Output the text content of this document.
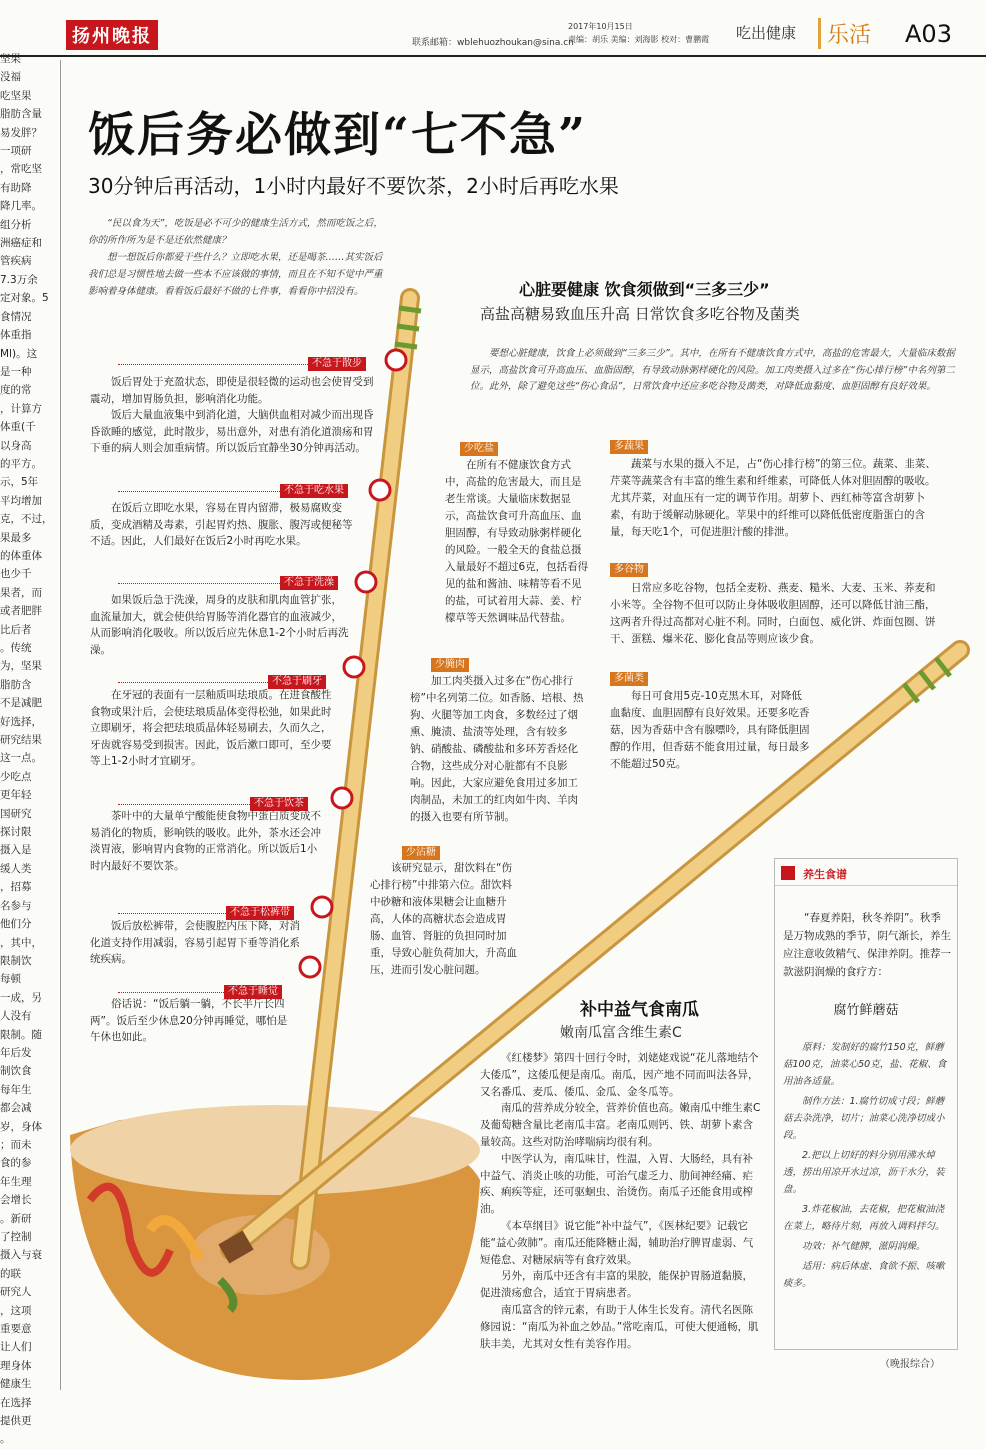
扬州晚报	联系邮箱：wblehuozhoukan@sina.cn
2017年10月15日
责编：胡乐 美编：刘海影 校对：曹鹏霞	吃出健康	乐活 A03

坚果

没福

吃坚果

脂肪含量

易发胖？

一项研

，常吃坚

有助降

降几率。

组分析

洲癌症和

管疾病

7.3万余

定对象。5

食情况

体重指

Ml)。这

是一种

度的常

，计算方

体重(千

以身高

的平方。

示，5年

平均增加

克，不过，

果最多

的体重体

也少千

果者，而

或者肥胖

比后者

。传统

为，坚果

脂肪含

不是减肥

好选择，

研究结果

这一点。

少吃点

更年轻

国研究

探讨限

摄入是

缓人类

，招募

名参与

他们分

，其中，

限制饮

每顿

一成，另

人没有

限制。随

年后发

制饮食

每年生

都会减

岁，身体

；而未

食的参

年生理

会增长

。新研

了控制

摄入与衰

的联

研究人

，这项

重要意

让人们

理身体

健康生

在选择

提供更

。

饭后务必做到“七不急”
30分钟后再活动，1小时内最好不要饮茶，2小时后再吃水果

“民以食为天”，吃饭是必不可少的健康生活方式，然而吃饭之后，你的所作所为是不是还依然健康？

想一想饭后你都爱干些什么？立即吃水果，还是喝茶……其实饭后我们总是习惯性地去做一些本不应该做的事情，而且在不知不觉中严重影响着身体健康。看看饭后最好不做的七件事，看看你中招没有。

不急于散步

饭后胃处于充盈状态，即使是很轻微的运动也会使胃受到震动，增加胃肠负担，影响消化功能。

饭后大量血液集中到消化道，大脑供血相对减少而出现昏昏欲睡的感觉，此时散步，易出意外，对患有消化道溃疡和胃下垂的病人则会加重病情。所以饭后宜静坐30分钟再活动。

不急于吃水果

在饭后立即吃水果，容易在胃内留滞，极易腐败变质，变成酒精及毒素，引起胃灼热、腹胀、腹泻或便秘等不适。因此，人们最好在饭后2小时再吃水果。

不急于洗澡

如果饭后急于洗澡，周身的皮肤和肌肉血管扩张，血流量加大，就会使供给胃肠等消化器官的血液减少，从而影响消化吸收。所以饭后应先休息1-2个小时后再洗澡。

不急于刷牙

在牙冠的表面有一层釉质叫珐琅质。在进食酸性食物或果汁后，会使珐琅质晶体变得松弛，如果此时立即刷牙，将会把珐琅质晶体轻易刷去，久而久之，牙齿就容易受到损害。因此，饭后漱口即可，至少要等上1-2小时才宜刷牙。

不急于饮茶

茶叶中的大量单宁酸能使食物中蛋白质变成不易消化的物质，影响铁的吸收。此外，茶水还会冲淡胃液，影响胃内食物的正常消化。所以饭后1小时内最好不要饮茶。

不急于松裤带

饭后放松裤带，会使腹腔内压下降，对消化道支持作用减弱，容易引起胃下垂等消化系统疾病。

不急于睡觉

俗话说：“饭后躺一躺，不长半斤长四两”。饭后至少休息20分钟再睡觉，哪怕是午休也如此。

心脏要健康 饮食须做到“三多三少”
高盐高糖易致血压升高 日常饮食多吃谷物及菌类

要想心脏健康，饮食上必须做到“三多三少”。其中，在所有不健康饮食方式中，高盐的危害最大，大量临床数据显示，高盐饮食可升高血压、血脂固醇，有导致动脉粥样硬化的风险。加工肉类摄入过多在“伤心排行榜”中名列第二位。此外，除了避免这些“伤心食品”，日常饮食中还应多吃谷物及菌类，对降低血黏度、血胆固醇有良好效果。

少吃盐

在所有不健康饮食方式中，高盐的危害最大，而且是老生常谈。大量临床数据显示，高盐饮食可升高血压、血胆固醇，有导致动脉粥样硬化的风险。一般全天的食盐总摄入量最好不超过6克，包括看得见的盐和酱油、味精等看不见的盐，可试着用大蒜、姜、柠檬草等天然调味品代替盐。

少腌肉

加工肉类摄入过多在“伤心排行榜”中名列第二位。如香肠、培根、热狗、火腿等加工肉食，多数经过了烟熏、腌渍、盐渍等处理，含有较多钠、硝酸盐、磷酸盐和多环芳香烃化合物，这些成分对心脏都有不良影响。因此，大家应避免食用过多加工肉制品，未加工的红肉如牛肉、羊肉的摄入也要有所节制。

少沾糖

该研究显示，甜饮料在“伤心排行榜”中排第六位。甜饮料中砂糖和液体果糖会让血糖升高，人体的高糖状态会造成胃肠、血管、肾脏的负担同时加重，导致心脏负荷加大，升高血压，进而引发心脏问题。

多蔬果

蔬菜与水果的摄入不足，占“伤心排行榜”的第三位。蔬菜、韭菜、芹菜等蔬菜含有丰富的维生素和纤维素，可降低人体对胆固醇的吸收。尤其芹菜，对血压有一定的调节作用。胡萝卜、西红柿等富含胡萝卜素，有助于缓解动脉硬化。苹果中的纤维可以降低低密度脂蛋白的含量，每天吃1个，可促进胆汁酸的排泄。

多谷物

日常应多吃谷物，包括全麦粉、燕麦、糙米、大麦、玉米、荞麦和小米等。全谷物不但可以防止身体吸收胆固醇，还可以降低甘油三酯，这两者升得过高都对心脏不利。同时，白面包、威化饼、炸面包圈、饼干、蛋糕、爆米花、膨化食品等则应该少食。

多菌类

每日可食用5克-10克黑木耳，对降低血黏度、血胆固醇有良好效果。还要多吃香菇，因为香菇中含有腺嘌呤，具有降低胆固醇的作用，但香菇不能食用过量，每日最多不能超过50克。

补中益气食南瓜
嫩南瓜富含维生素C

《红楼梦》第四十回行令时，刘姥姥戏说“花儿落地结个大倭瓜”，这倭瓜便是南瓜。南瓜，因产地不同而叫法各异，又名番瓜、麦瓜、倭瓜、金瓜、金冬瓜等。

南瓜的营养成分较全，营养价值也高。嫩南瓜中维生素C及葡萄糖含量比老南瓜丰富。老南瓜则钙、铁、胡萝卜素含量较高。这些对防治哮喘病均很有利。

中医学认为，南瓜味甘，性温，入胃、大肠经，具有补中益气、消炎止咳的功能，可治气虚乏力、肋间神经痛、疟疾、痢疾等症，还可驱蛔虫、治烫伤。南瓜子还能食用或榨油。

《本草纲目》说它能“补中益气”，《医林纪要》记载它能“益心敛肺”。南瓜还能降糖止渴，辅助治疗脾胃虚弱、气短倦怠、对糖尿病等有食疗效果。

另外，南瓜中还含有丰富的果胶，能保护胃肠道黏膜，促进溃疡愈合，适宜于胃病患者。

南瓜富含的锌元素，有助于人体生长发育。清代名医陈修园说：“南瓜为补血之妙品。”常吃南瓜，可使大便通畅，肌肤丰美，尤其对女性有美容作用。

养生食谱

“春夏养阳，秋冬养阴”。秋季是万物成熟的季节，阴气渐长，养生应注意收敛精气、保津养阴。推荐一款滋阴润燥的食疗方：

腐竹鲜蘑菇

原料：发制好的腐竹150克，鲜蘑菇100克，油菜心50克，盐、花椒、食用油各适量。

制作方法：1.腐竹切成寸段；鲜蘑菇去杂洗净，切片；油菜心洗净切成小段。

2.把以上切好的料分别用沸水焯透，捞出用凉开水过凉，沥干水分，装盘。

3.炸花椒油，去花椒，把花椒油浇在菜上，略待片刻，再放入调料拌匀。

功效：补气健脾，滋阴润燥。

适用：病后体虚、食欲不振、咳嗽痰多。

（晚报综合）
